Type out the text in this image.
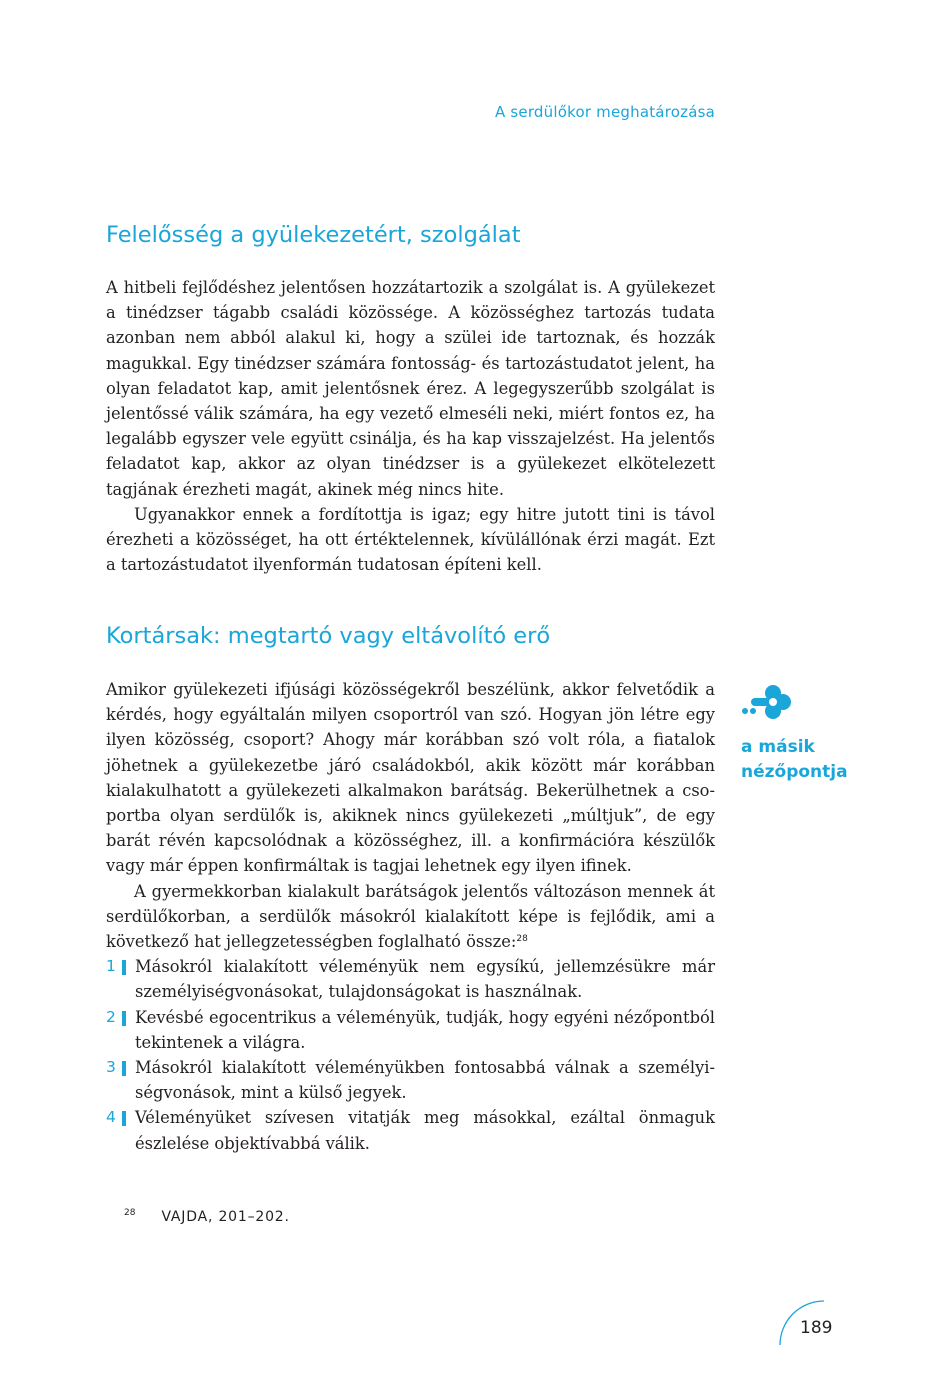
A serdülőkor meghatározása
Felelősség a gyülekezetért, szolgálat

A hitbeli fejlődéshez jelentősen hozzátartozik a szolgálat is. A gyülekezet a tinédzser tágabb családi közössége. A közösséghez tartozás tudata azonban nem abból alakul ki, hogy a szülei ide tartoznak, és hozzák magukkal. Egy tinédzser számára fontosság- és tartozástudatot jelent, ha olyan feladatot kap, amit jelentősnek érez. A legegyszerűbb szolgálat is jelentőssé válik számára, ha egy vezető elmeséli neki, miért fontos ez, ha legalább egyszer vele együtt csinálja, és ha kap visszajelzést. Ha jelentős feladatot kap, akkor az olyan tinédzser is a gyülekezet elkötelezett tagjának érezheti magát, akinek még nincs hite.

Ugyanakkor ennek a fordítottja is igaz; egy hitre jutott tini is távol érezheti a közösséget, ha ott értéktelennek, kívülállónak érzi magát. Ezt a tartozástudatot ilyenformán tudatosan építeni kell.

Kortársak: megtartó vagy eltávolító erő

Amikor gyülekezeti ifjúsági közösségekről beszélünk, akkor felvetődik a kérdés, hogy egyáltalán milyen csoportról van szó. Hogyan jön létre egy ilyen közösség, csoport? Ahogy már korábban szó volt róla, a fiatalok jöhetnek a gyülekezetbe járó családokból, akik között már korábban kialakulhatott a gyülekezeti alkalmakon barátság. Bekerülhetnek a csoportba olyan serdülők is, akiknek nincs gyülekezeti „múltjuk”, de egy barát révén kapcsolódnak a közösséghez, ill. a konfirmációra készülők vagy már éppen konfirmáltak is tagjai lehetnek egy ilyen ifinek.

A gyermekkorban kialakult barátságok jelentős változáson mennek át serdülőkorban, a serdülők másokról kialakított képe is fejlődik, ami a következő hat jellegzetességben foglalható össze:$^{28}$

1 Másokról kialakított véleményük nem egysíkú, jellemzésükre már személyiségvonásokat, tulajdonságokat is használnak.
2 Kevésbé egocentrikus a véleményük, tudják, hogy egyéni nézőpontból tekintenek a világra.
3 Másokról kialakított véleményükben fontosabbá válnak a személyiségvonások, mint a külső jegyek.
4 Véleményüket szívesen vitatják meg másokkal, ezáltal önmaguk észlelése objektívabbá válik.
a másik
nézőpontja
$^{28}$ VAJDA, 201–202.
189
